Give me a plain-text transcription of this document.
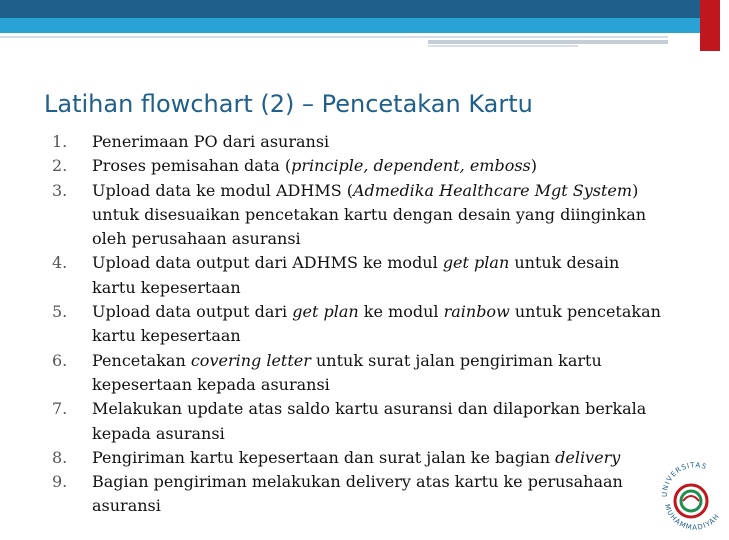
Latihan flowchart (2) – Pencetakan Kartu
1. Penerimaan PO dari asuransi
2. Proses pemisahan data (principle, dependent, emboss)
3. Upload data ke modul ADHMS (Admedika Healthcare Mgt System) untuk disesuaikan pencetakan kartu dengan desain yang diinginkan oleh perusahaan asuransi
4. Upload data output dari ADHMS ke modul get plan untuk desain kartu kepesertaan
5. Upload data output dari get plan ke modul rainbow untuk pencetakan kartu kepesertaan
6. Pencetakan covering letter untuk surat jalan pengiriman kartu kepesertaan kepada asuransi
7. Melakukan update atas saldo kartu asuransi dan dilaporkan berkala kepada asuransi
8. Pengiriman kartu kepesertaan dan surat jalan ke bagian delivery
9. Bagian pengiriman melakukan delivery atas kartu ke perusahaan asuransi
UNIVERSITAS
MUHAMMADIYAH
